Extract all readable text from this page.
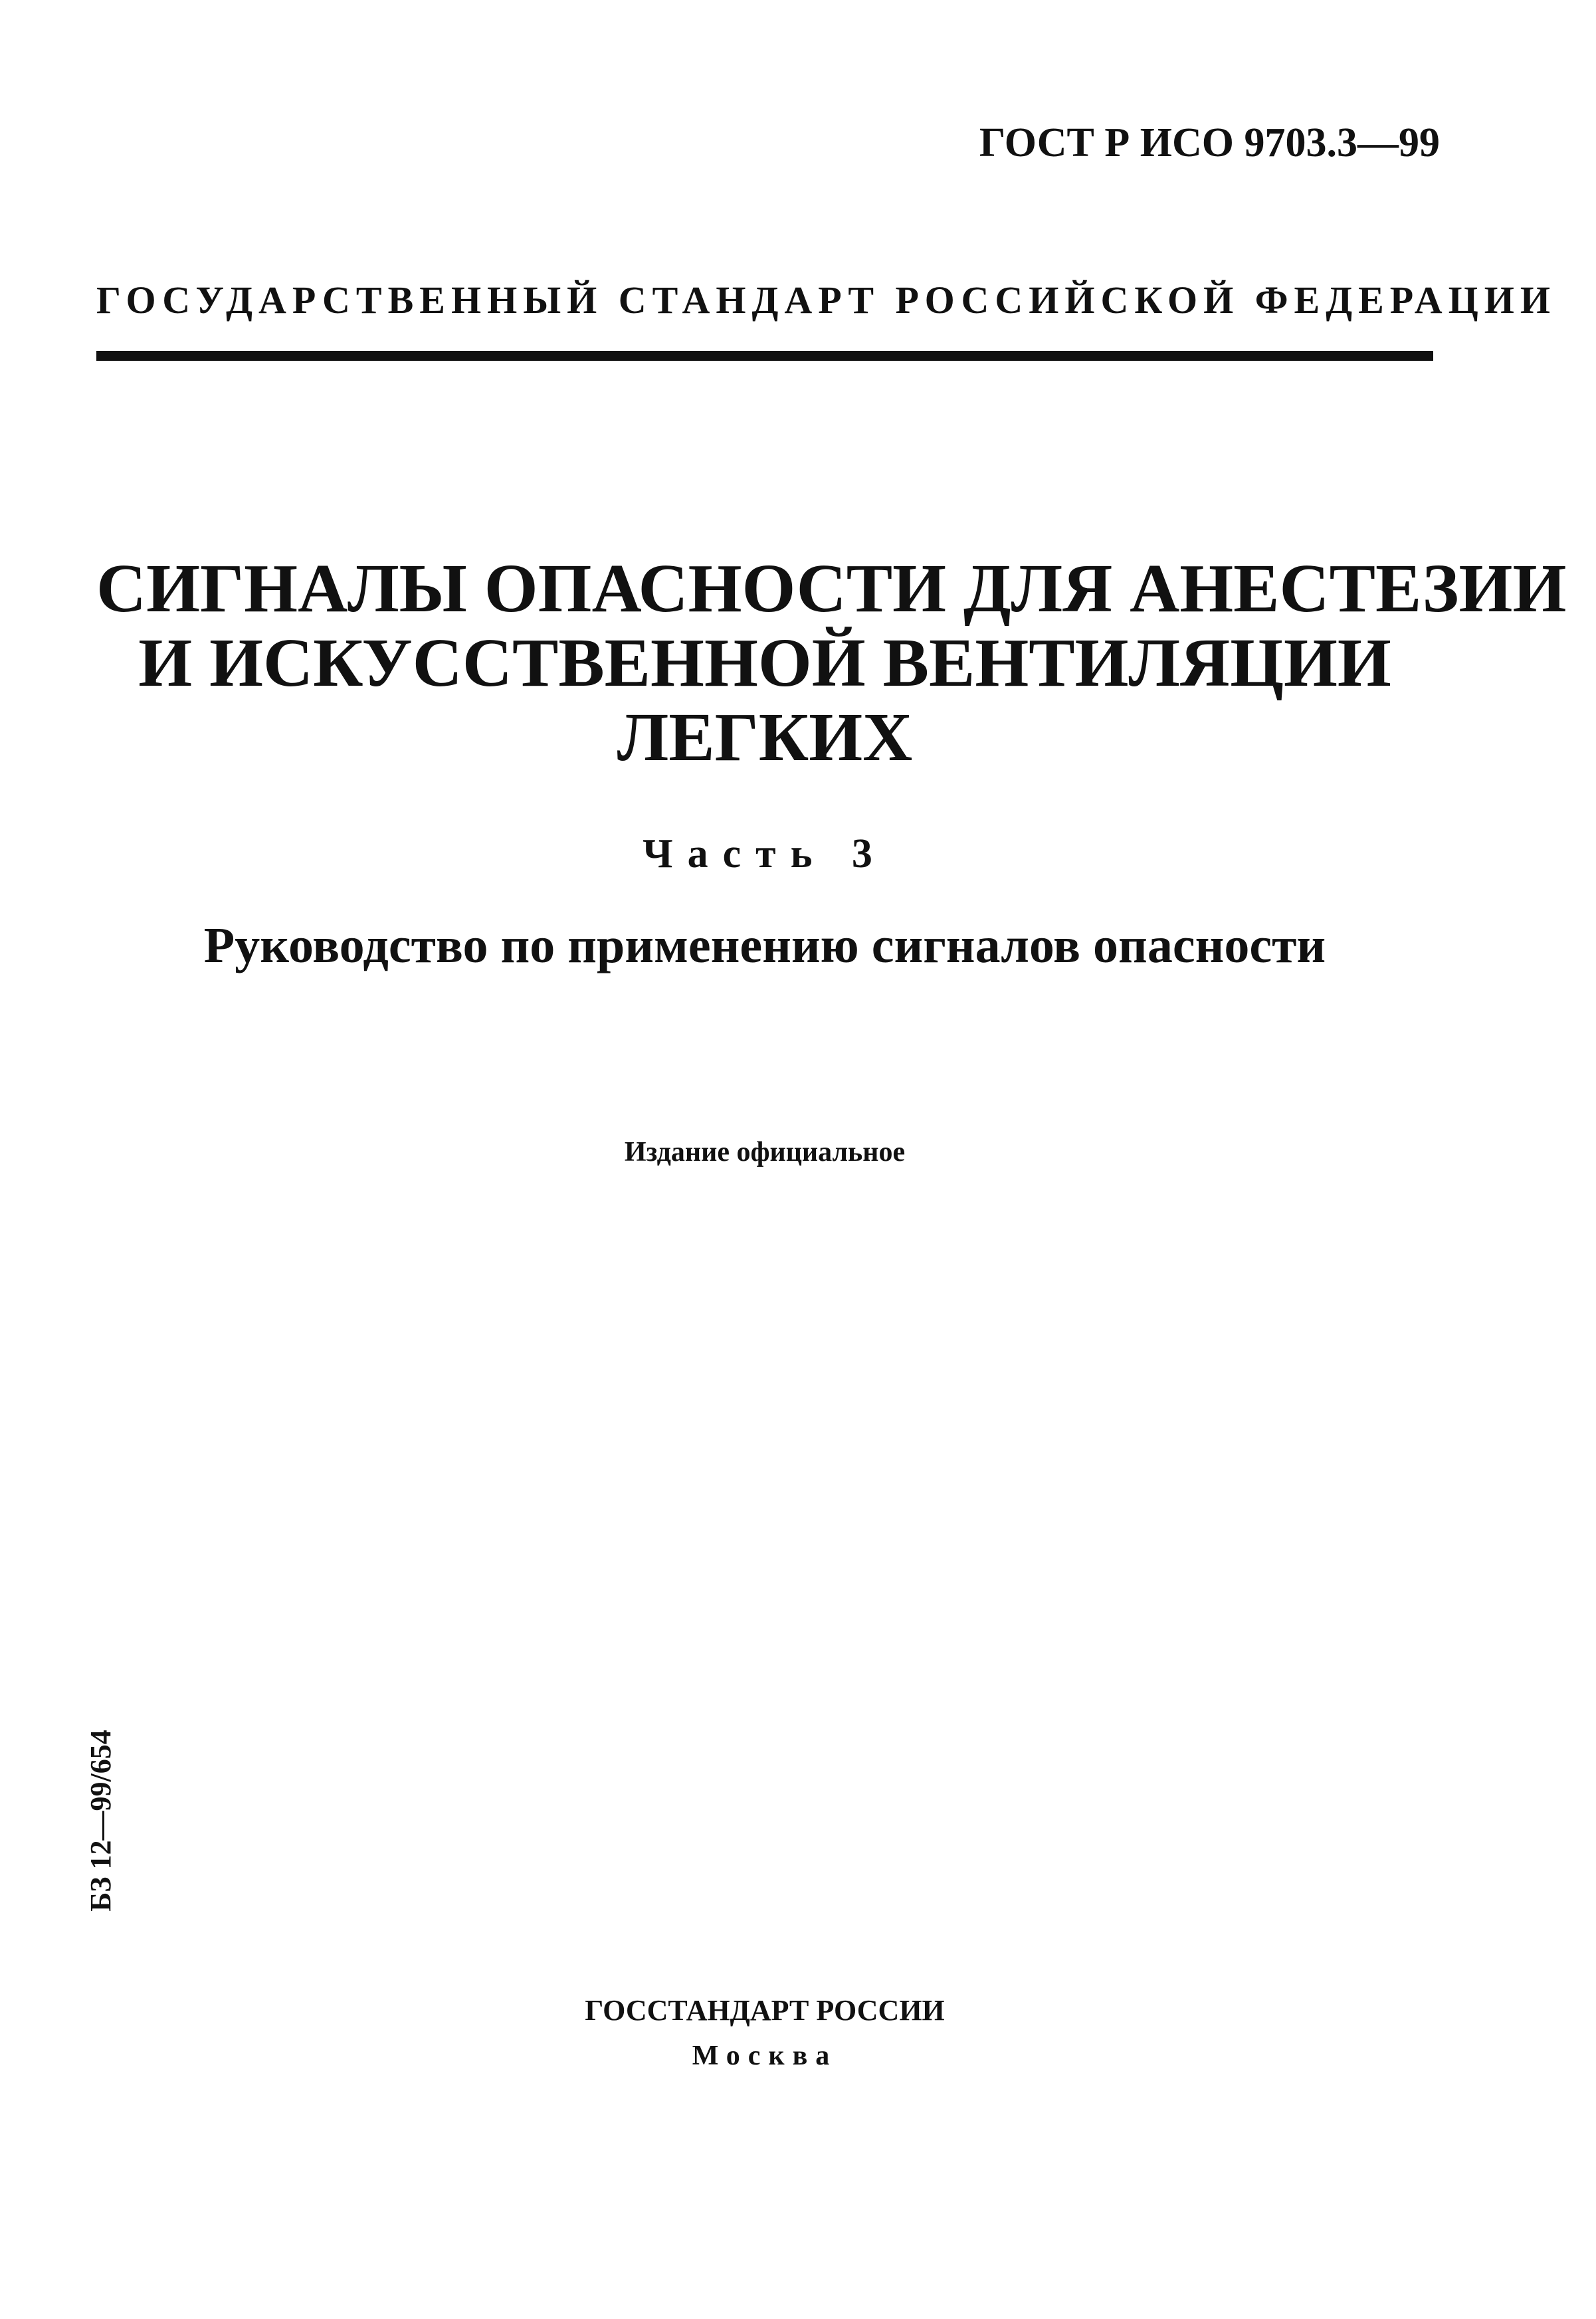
ГОСТ Р ИСО 9703.3—99
ГОСУДАРСТВЕННЫЙ СТАНДАРТ РОССИЙСКОЙ ФЕДЕРАЦИИ
СИГНАЛЫ ОПАСНОСТИ ДЛЯ АНЕСТЕЗИИ
И ИСКУССТВЕННОЙ ВЕНТИЛЯЦИИ
ЛЕГКИХ
Часть 3
Руководство по применению сигналов опасности
Издание официальное
БЗ 12—99/654
ГОССТАНДАРТ РОССИИ
Москва
